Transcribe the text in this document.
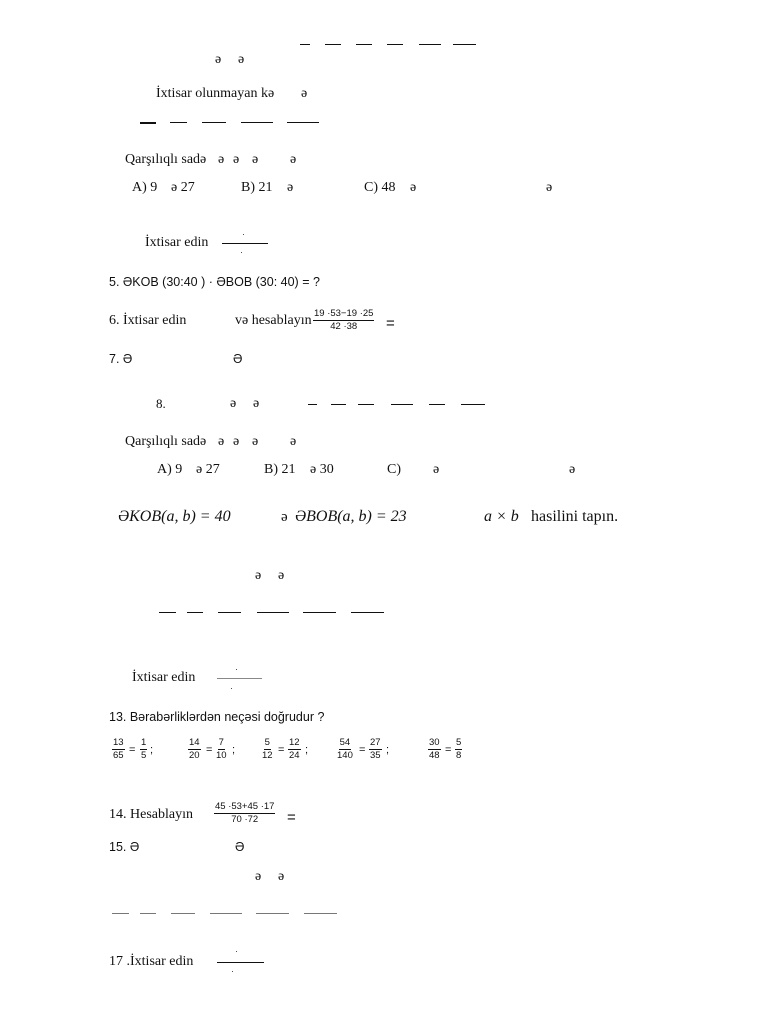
ə ə
İxtisar olunmayan kə ə
Qarşılıqlı sadə ə ə ə ə
A) 9 ə 27	B) 21 ə	C) 48 ə	ə
İxtisar edin
5. ƏKOB (30:40 ) · ƏBOB (30: 40) = ?
6. İxtisar edin	və hesablayın $\frac{19 \cdot 53-19 \cdot 25}{42 \cdot 38}$ =
7. Ə	Ə
8.	ə ə
Qarşılıqlı sadə ə ə ə ə
A) 9 ə 27	B) 21 ə 30	C) ə	ə
ƏKOB(a, b) = 40	ə ƏBOB(a, b) = 23	a × b hasilini tapın.
ə ə
İxtisar edin
13. Bərabərliklərdən neçəsi doğrudur ?
$\frac{13}{65} = \frac{1}{5}$ ;	$\frac{14}{20} = \frac{7}{10}$ ;	$\frac{5}{12} = \frac{12}{24}$ ;	$\frac{54}{140} = \frac{27}{35}$ ;	$\frac{30}{48} = \frac{5}{8}$
14. Hesablayın $\frac{45 \cdot 53+45 \cdot 17}{70 \cdot 72}$ =
15. Ə	Ə
ə ə
17 .İxtisar edin
